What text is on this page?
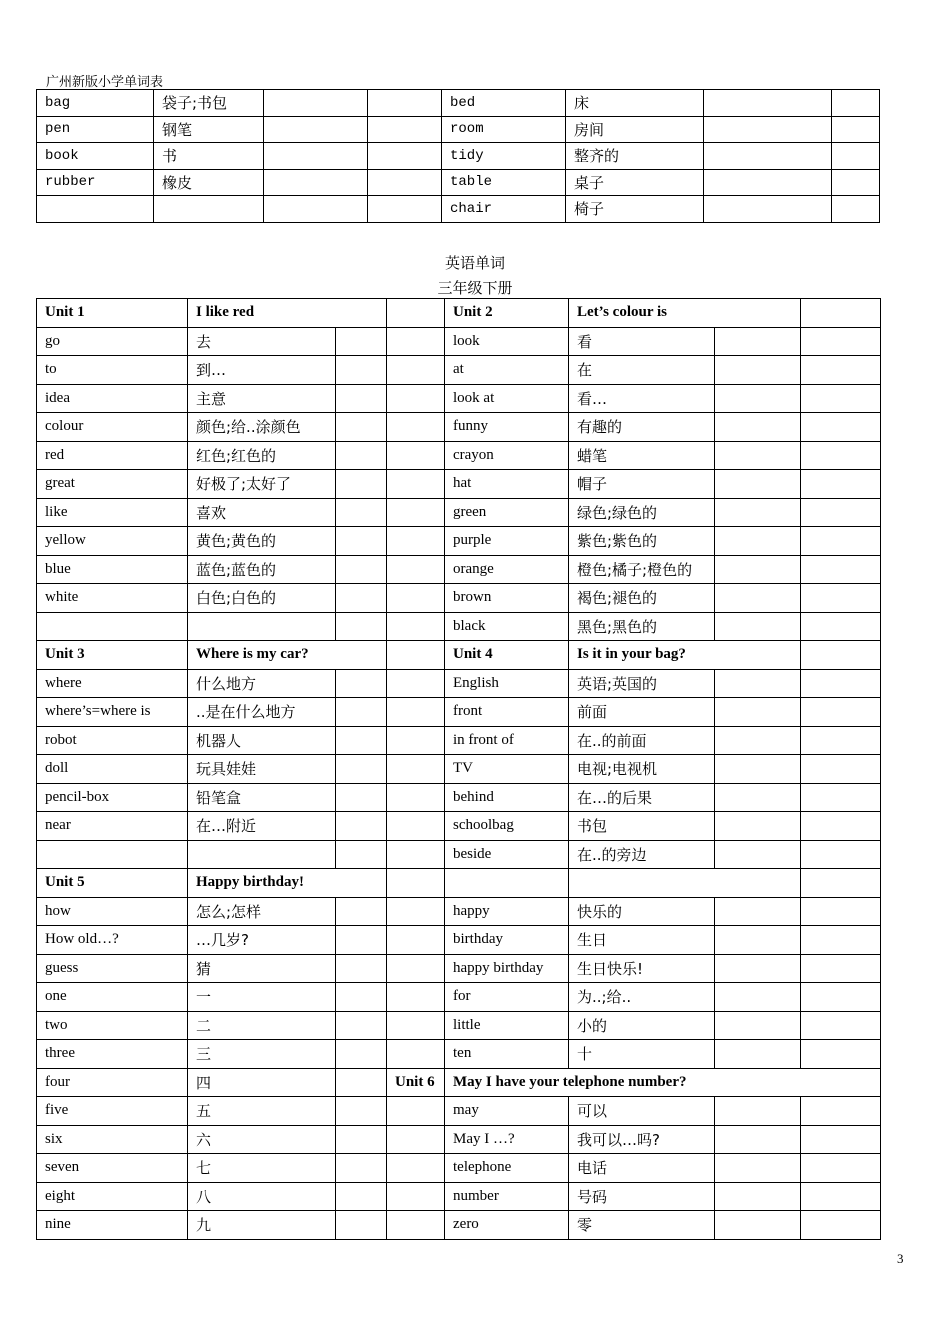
广州新版小学单词表
bag	袋子;书包			bed	床		
pen	钢笔			room	房间		
book	书			tidy	整齐的		
rubber	橡皮			table	桌子		
				chair	椅子		
英语单词
三年级下册
Unit 1	I like red			Unit 2	Let’s colour is		
go	去			look	看		
to	到…			at	在		
idea	主意			look at	看…		
colour	颜色;给..涂颜色			funny	有趣的		
red	红色;红色的			crayon	蜡笔		
great	好极了;太好了			hat	帽子		
like	喜欢			green	绿色;绿色的		
yellow	黄色;黄色的			purple	紫色;紫色的		
blue	蓝色;蓝色的			orange	橙色;橘子;橙色的		
white	白色;白色的			brown	褐色;褪色的		
				black	黑色;黑色的		
Unit 3	Where is my car?			Unit 4	Is it in your bag?		
where	什么地方			English	英语;英国的		
where’s=where is	..是在什么地方			front	前面		
robot	机器人			in front of	在..的前面		
doll	玩具娃娃			TV	电视;电视机		
pencil-box	铅笔盒			behind	在…的后果		
near	在…附近			schoolbag	书包		
				beside	在..的旁边		
Unit 5	Happy birthday!						
how	怎么;怎样			happy	快乐的		
How old…?	…几岁?			birthday	生日		
guess	猜			happy birthday	生日快乐!		
one	一			for	为..;给..		
two	二			little	小的		
three	三			ten	十		
four	四		Unit 6	May I have your telephone number?			
five	五			may	可以		
six	六			May I …?	我可以…吗?		
seven	七			telephone	电话		
eight	八			number	号码		
nine	九			zero	零		
3
